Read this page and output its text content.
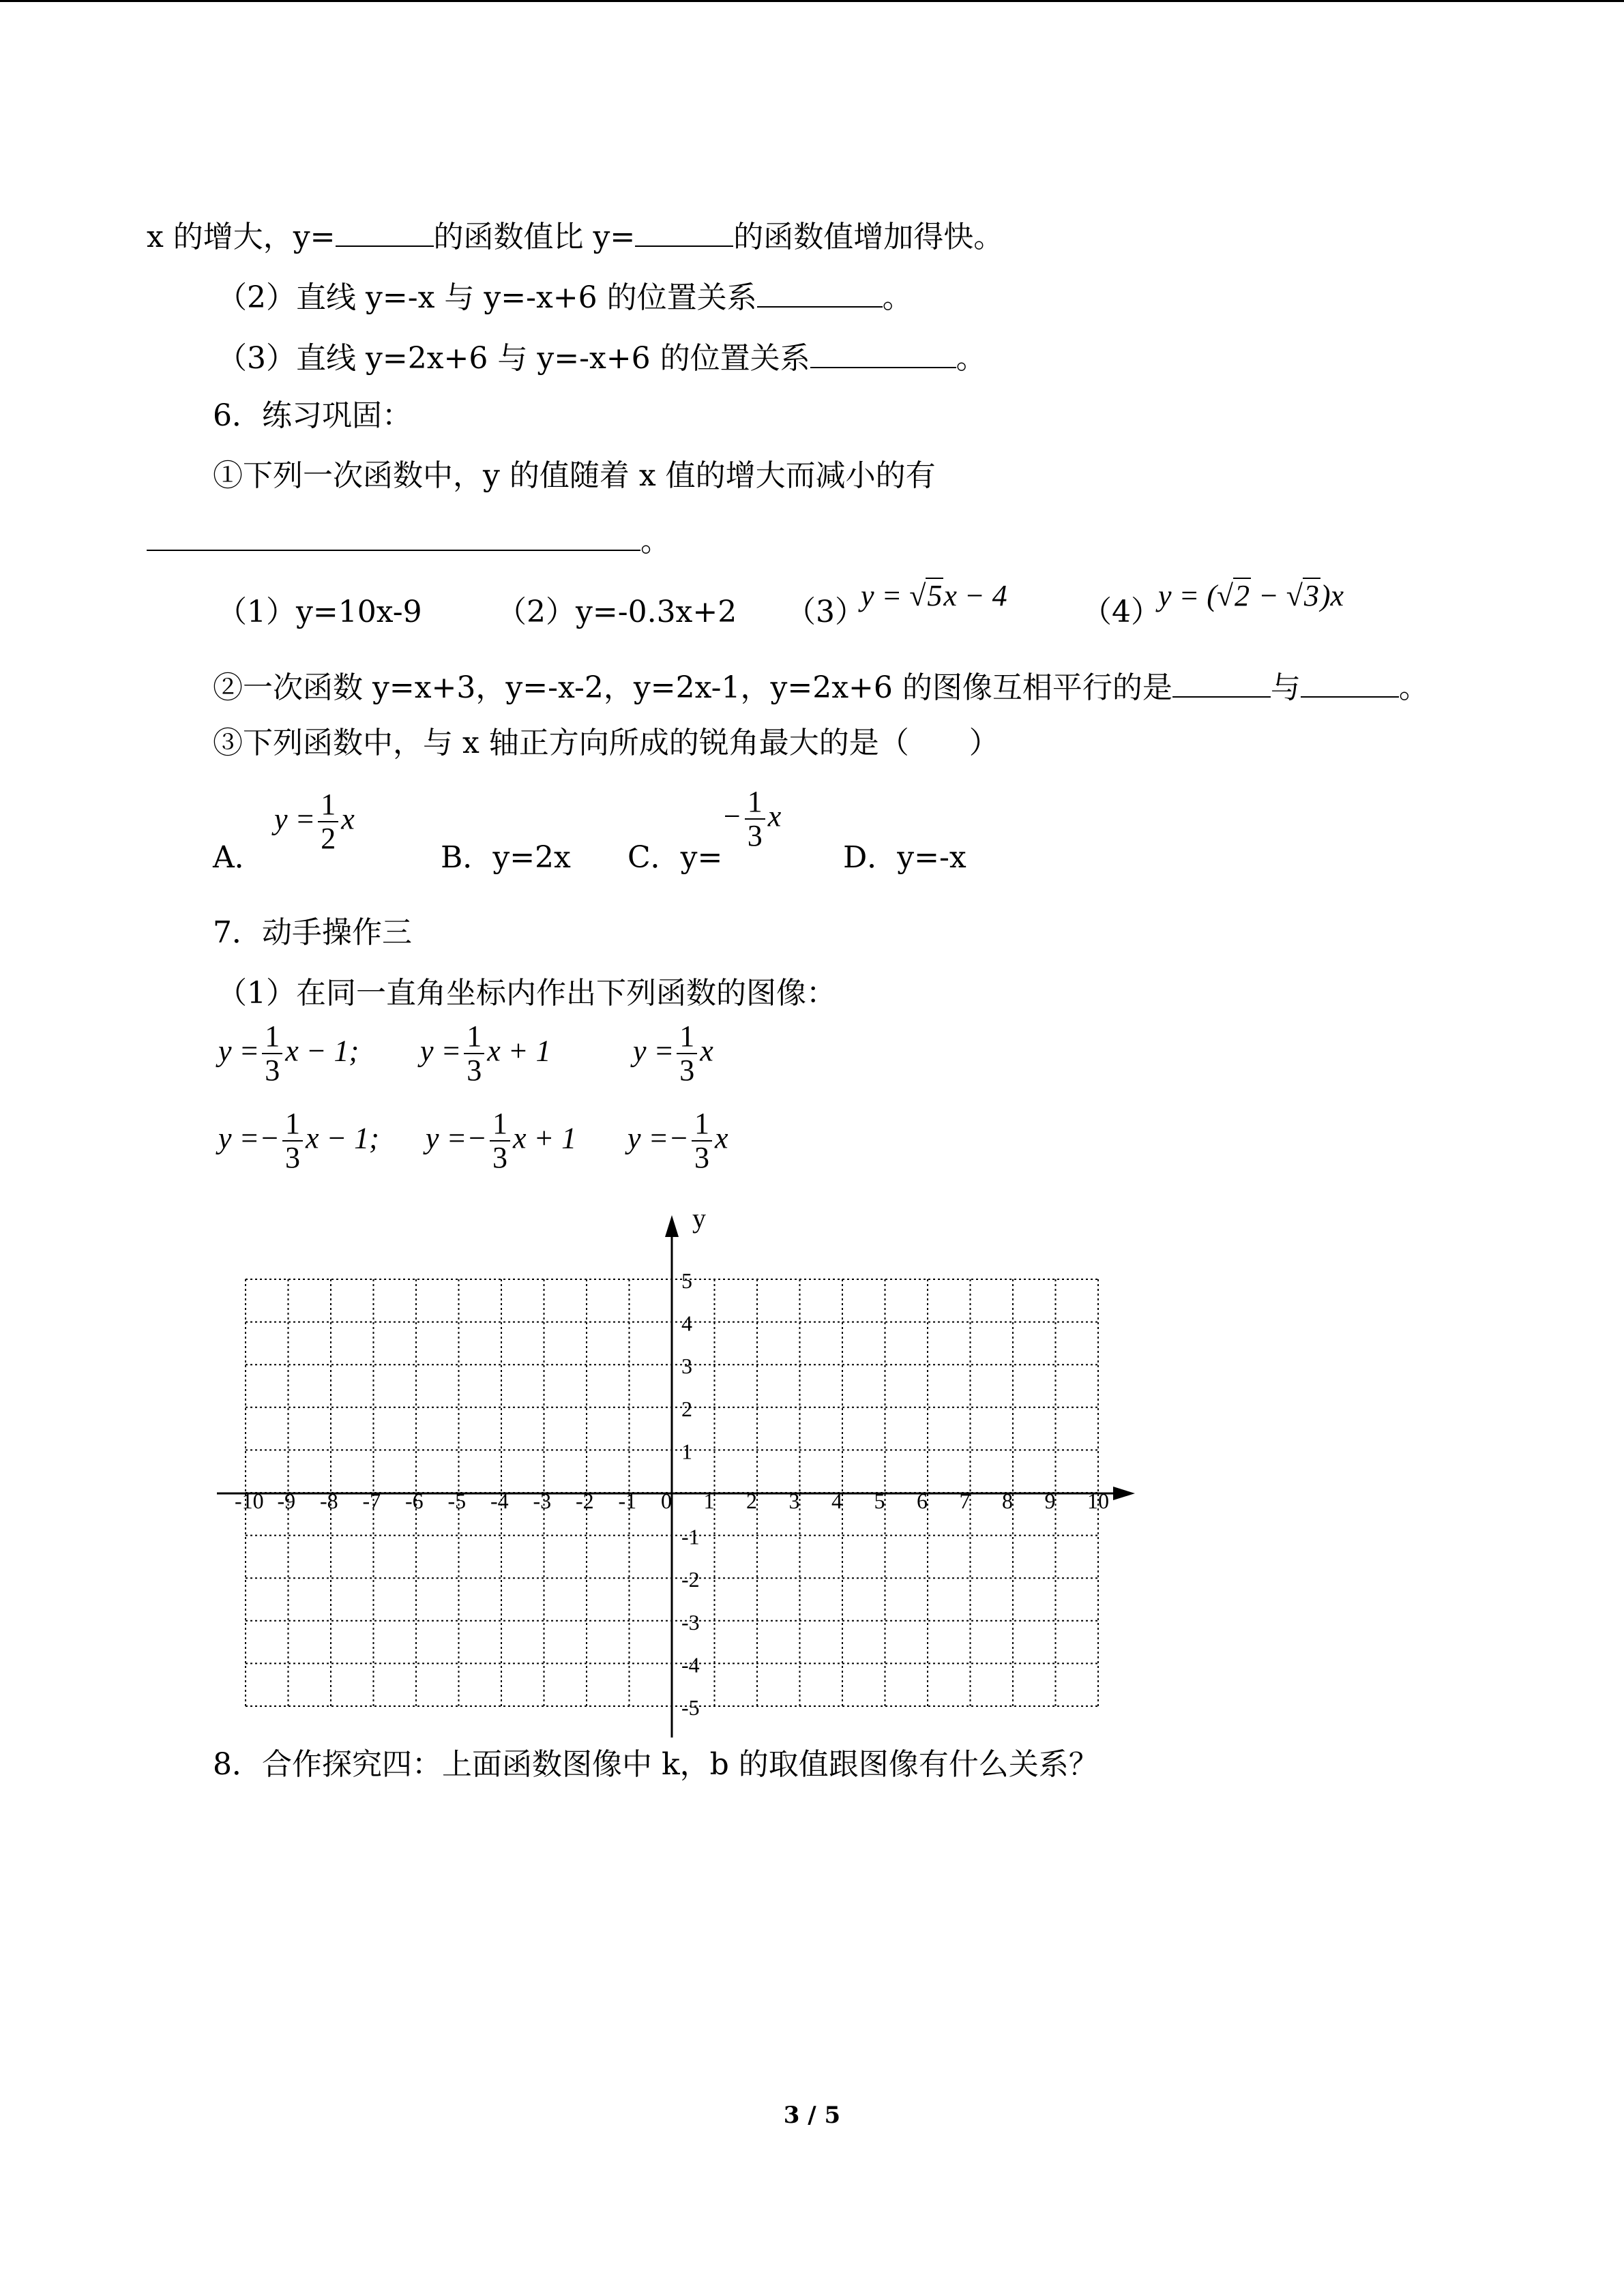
x 的增大，y=	的函数值比 y=	的函数值增加得快。
（2）直线 y=-x 与 y=-x+6 的位置关系	。
（3）直线 y=2x+6 与 y=-x+6 的位置关系	。
6．练习巩固：
①下列一次函数中，y 的值随着 x 值的增大而减小的有
。
（1）y=10x-9 （2）y=-0.3x+2 （3）
y = √5x − 4 （4）
y = (√2 − √3)x
②一次函数 y=x+3，y=-x-2，y=2x-1，y=2x+6 的图像互相平行的是	与	。
③下列函数中，与 x 轴正方向所成的锐角最大的是（　　）
A．
$y = \frac{1}{2}$ x
B．y=2x C．y=
− $\frac{1}{3}$ x
D．y=-x
7．动手操作三
（1）在同一直角坐标内作出下列函数的图像：
$y = \frac{1}{3}$ x − 1; $y = \frac{1}{3}$ x + 1	$y = \frac{1}{3}$ x
$y =- \frac{1}{3}$ x − 1; $y =- \frac{1}{3}$ x + 1 $y =- \frac{1}{3}$ x
y
-10 -9 -8 -7 -6 -5 -4 -3 -2 -1 0 1 2 3 4 5 6 7 8 9 10
5
4
3
2
1
-1
-2
-3
-4
-5
8．合作探究四：上面函数图像中 k，b 的取值跟图像有什么关系？
3 / 5
